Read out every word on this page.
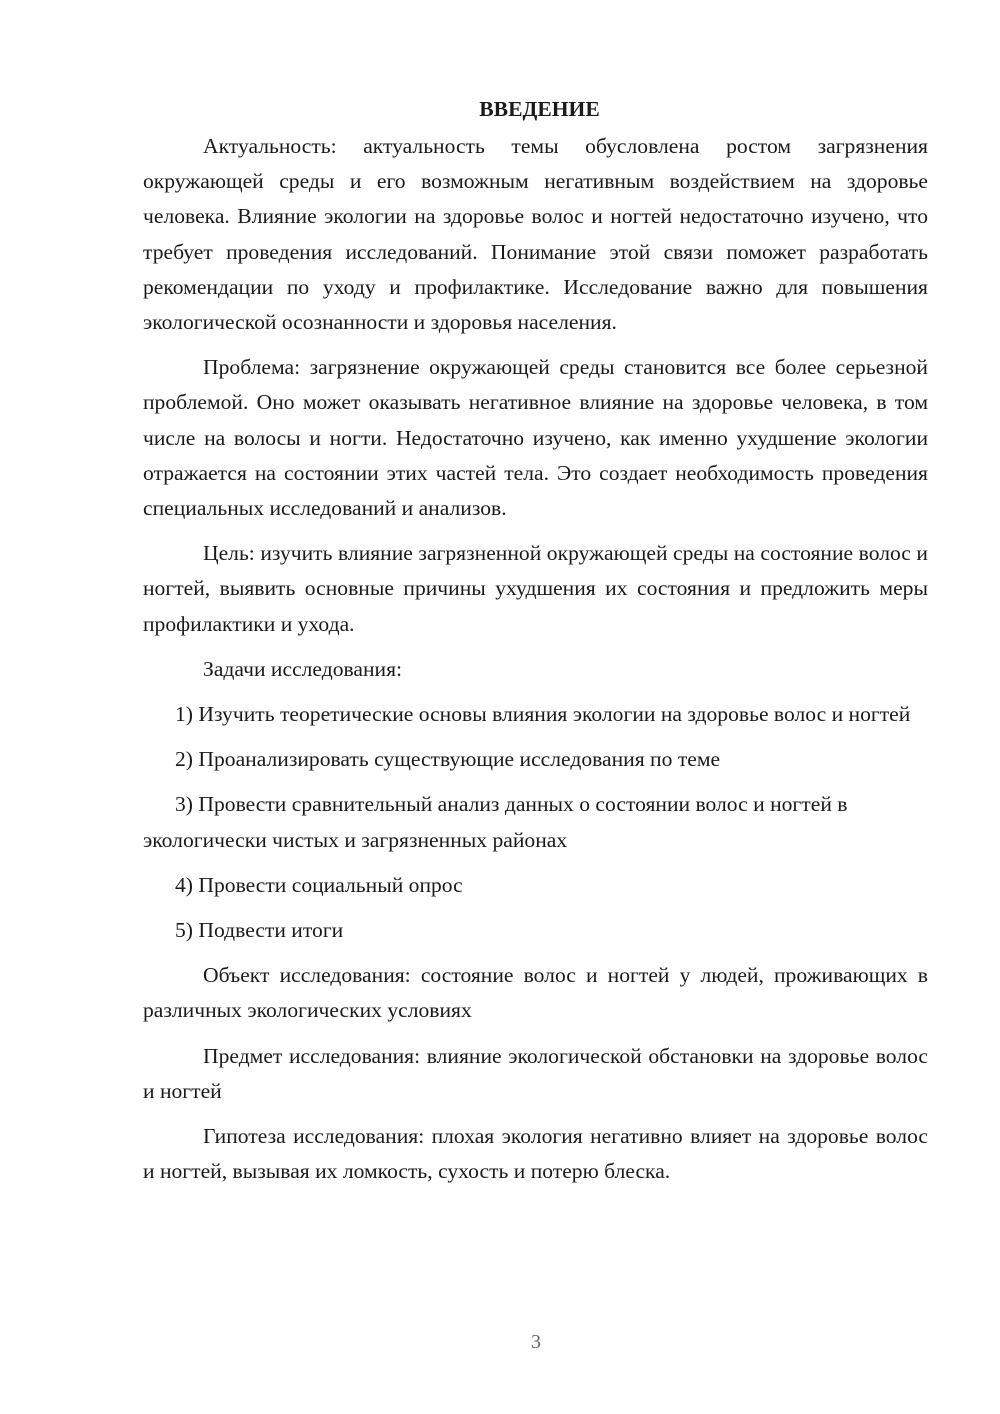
ВВЕДЕНИЕ

Актуальность: актуальность темы обусловлена ростом загрязнения окружающей среды и его возможным негативным воздействием на здоровье человека. Влияние экологии на здоровье волос и ногтей недостаточно изучено, что требует проведения исследований. Понимание этой связи поможет разработать рекомендации по уходу и профилактике. Исследование важно для повышения экологической осознанности и здоровья населения.

Проблема: загрязнение окружающей среды становится все более серьезной проблемой. Оно может оказывать негативное влияние на здоровье человека, в том числе на волосы и ногти. Недостаточно изучено, как именно ухудшение экологии отражается на состоянии этих частей тела. Это создает необходимость проведения специальных исследований и анализов.

Цель: изучить влияние загрязненной окружающей среды на состояние волос и ногтей, выявить основные причины ухудшения их состояния и предложить меры профилактики и ухода.

Задачи исследования:

1) Изучить теоретические основы влияния экологии на здоровье волос и ногтей

2) Проанализировать существующие исследования по теме

3) Провести сравнительный анализ данных о состоянии волос и ногтей в экологически чистых и загрязненных районах

4) Провести социальный опрос

5) Подвести итоги

Объект исследования: состояние волос и ногтей у людей, проживающих в различных экологических условиях

Предмет исследования: влияние экологической обстановки на здоровье волос и ногтей

Гипотеза исследования: плохая экология негативно влияет на здоровье волос и ногтей, вызывая их ломкость, сухость и потерю блеска.

3
